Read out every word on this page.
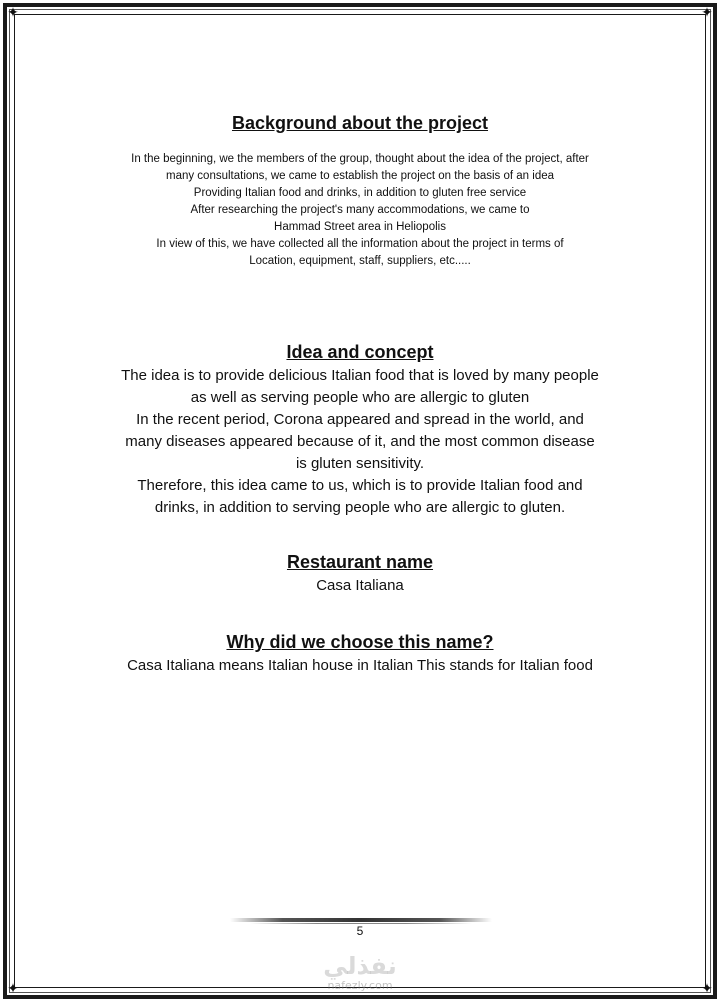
✦	✦
✦	✦
Background about the project

In the beginning, we the members of the group, thought about the idea of the project, after

many consultations, we came to establish the project on the basis of an idea

Providing Italian food and drinks, in addition to gluten free service

After researching the project's many accommodations, we came to

Hammad Street area in Heliopolis

In view of this, we have collected all the information about the project in terms of

Location, equipment, staff, suppliers, etc.....

Idea and concept

The idea is to provide delicious Italian food that is loved by many people

as well as serving people who are allergic to gluten

In the recent period, Corona appeared and spread in the world, and

many diseases appeared because of it, and the most common disease

is gluten sensitivity.

Therefore, this idea came to us, which is to provide Italian food and

drinks, in addition to serving people who are allergic to gluten.

Restaurant name

Casa Italiana

Why did we choose this name?

Casa Italiana means Italian house in Italian This stands for Italian food

5
نفذلي
nafezly.com
